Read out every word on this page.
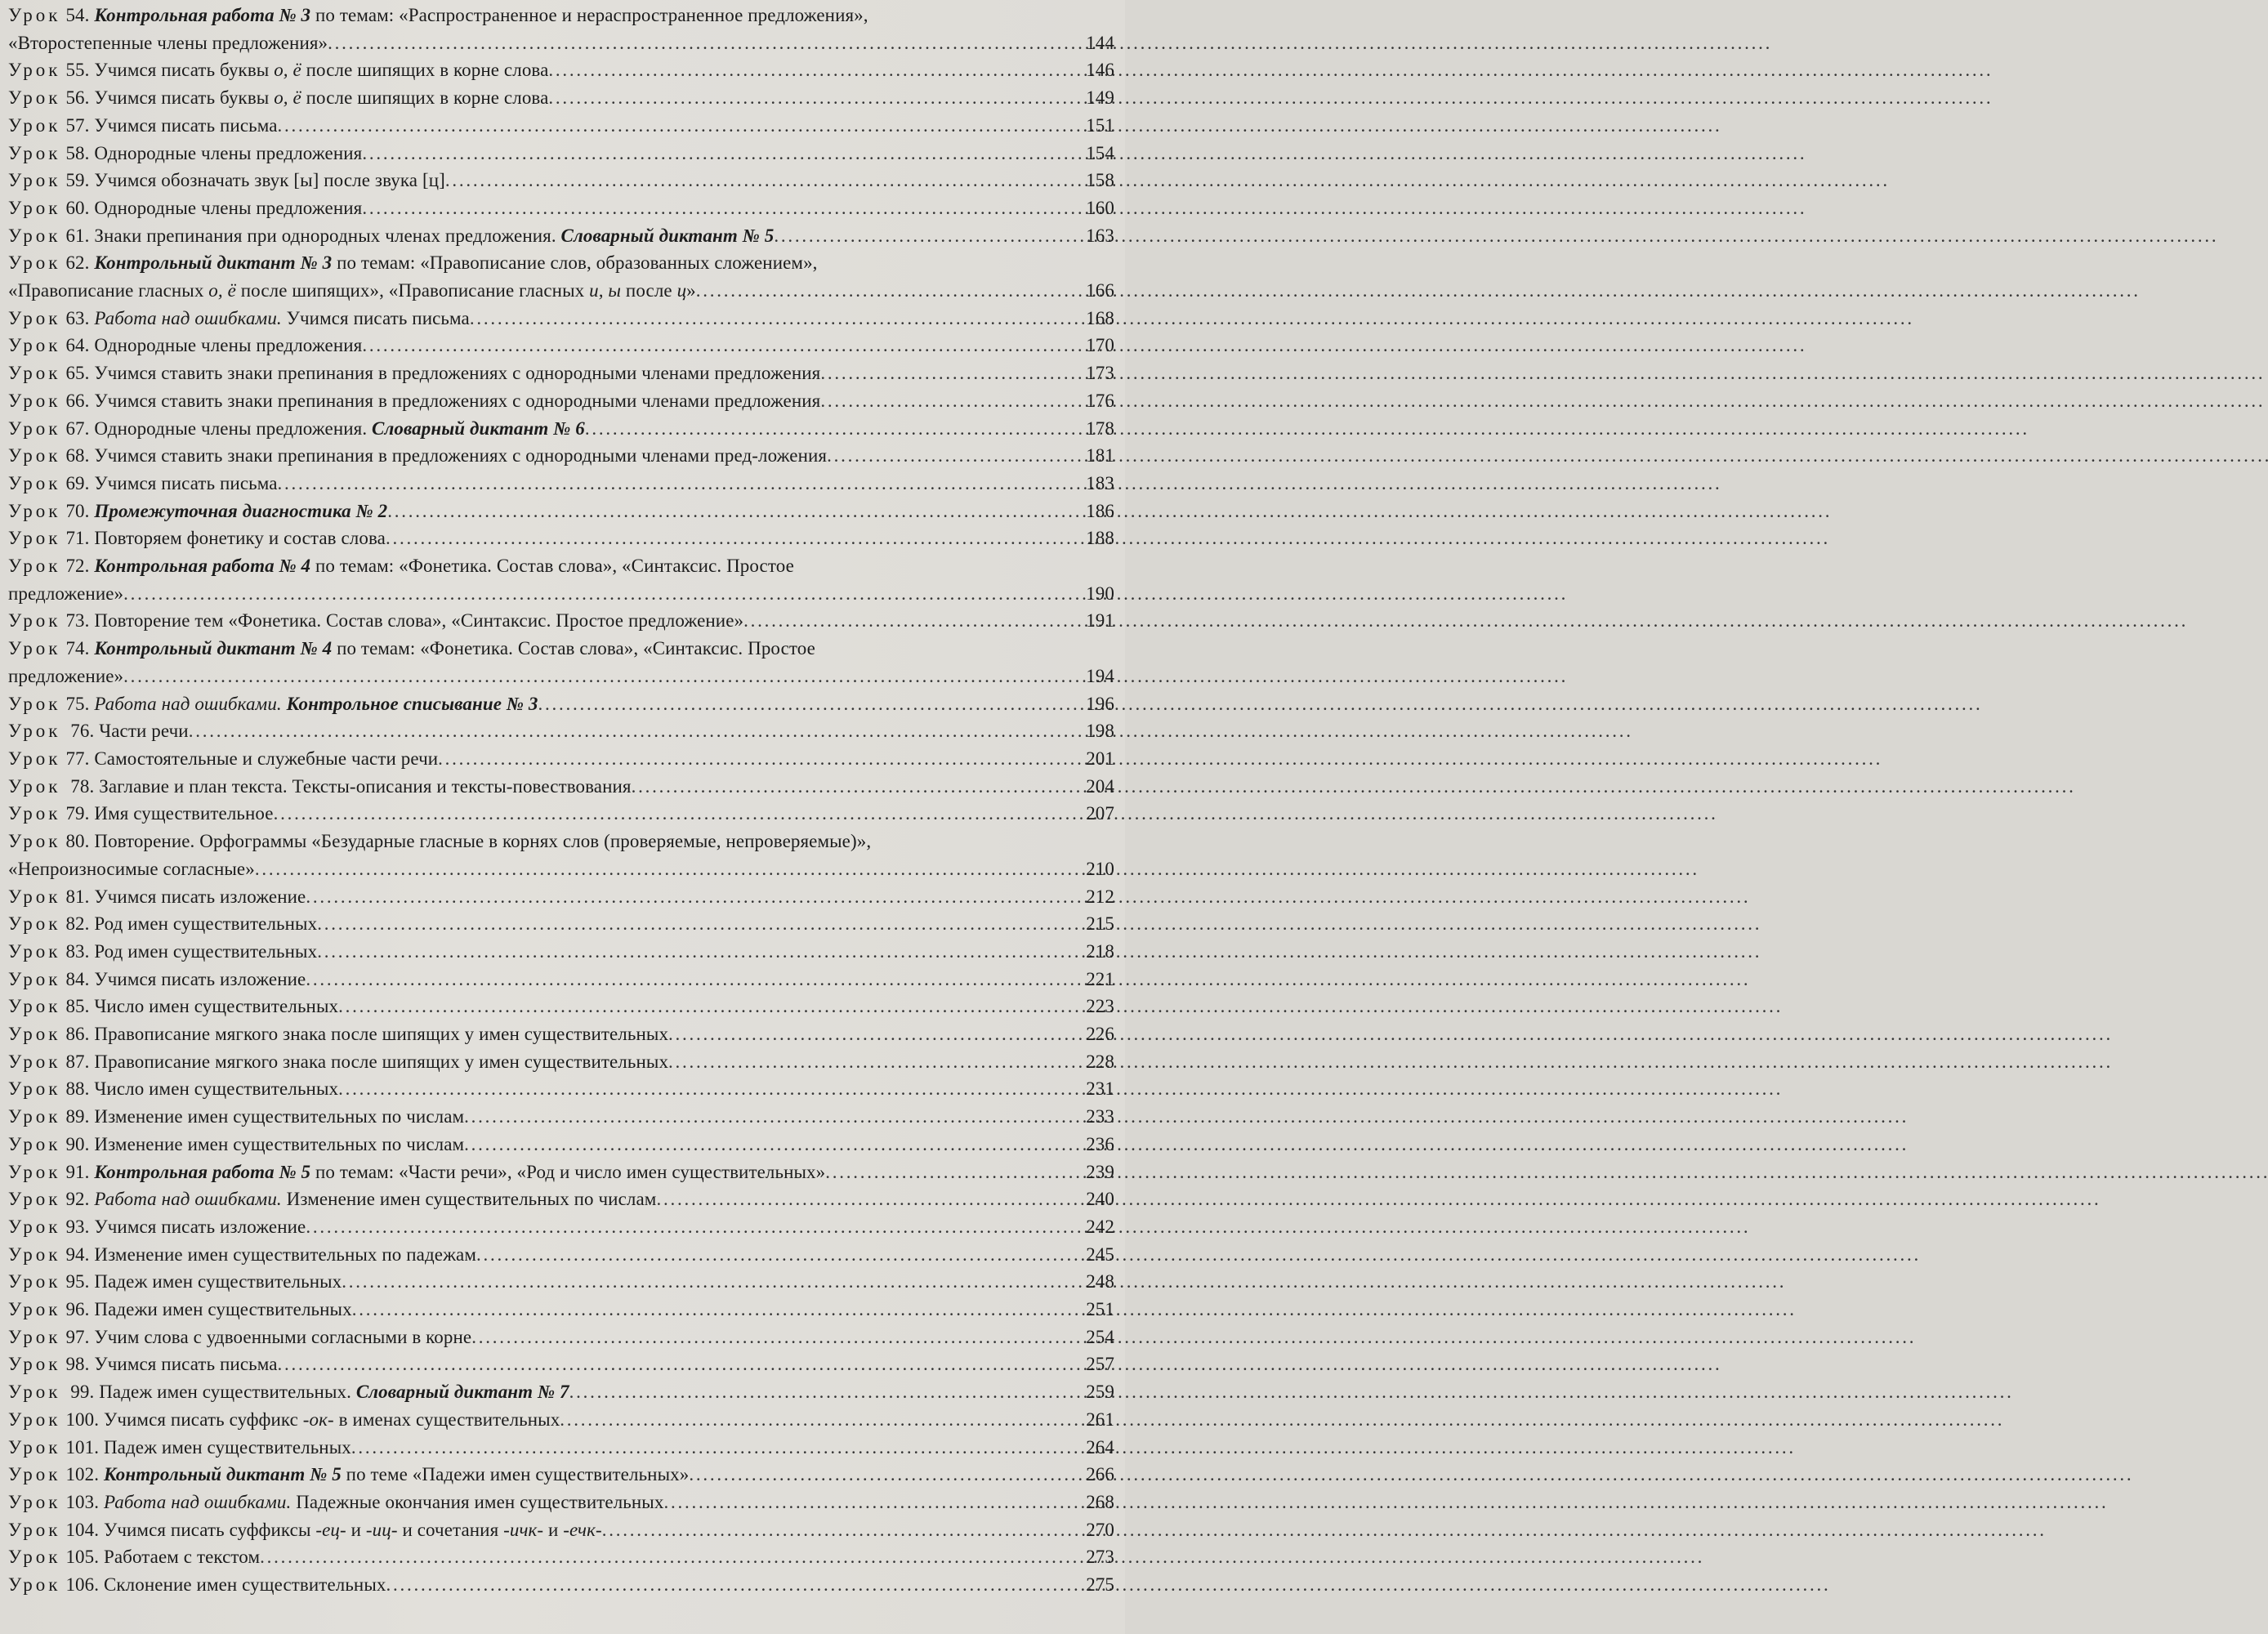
Урок 54. Контрольная работа № 3 по темам: «Распространенное и нераспространенное предложения»,
«Второстепенные члены предложения» . . .	144
Урок 55. Учимся писать буквы о, ё после шипящих в корне слова . . .	146
Урок 56. Учимся писать буквы о, ё после шипящих в корне слова . . .	149
Урок 57. Учимся писать письма . . .	151
Урок 58. Однородные члены предложения . . .	154
Урок 59. Учимся обозначать звук [ы] после звука [ц] . . .	158
Урок 60. Однородные члены предложения . . .	160
Урок 61. Знаки препинания при однородных членах предложения. Словарный диктант № 5 . . .	163
Урок 62. Контрольный диктант № 3 по темам: «Правописание слов, образованных сложением»,
«Правописание гласных о, ё после шипящих», «Правописание гласных и, ы после ц» . . .	166
Урок 63. Работа над ошибками. Учимся писать письма . . .	168
Урок 64. Однородные члены предложения . . .	170
Урок 65. Учимся ставить знаки препинания в предложениях с однородными членами предложения . . .	173
Урок 66. Учимся ставить знаки препинания в предложениях с однородными членами предложения . . .	176
Урок 67. Однородные члены предложения. Словарный диктант № 6 . . .	178
Урок 68. Учимся ставить знаки препинания в предложениях с однородными членами пред-ложения . . .	181
Урок 69. Учимся писать письма . . .	183
Урок 70. Промежуточная диагностика № 2 . . .	186
Урок 71. Повторяем фонетику и состав слова . . .	188
Урок 72. Контрольная работа № 4 по темам: «Фонетика. Состав слова», «Синтаксис. Простое
предложение» . . .	190
Урок 73. Повторение тем «Фонетика. Состав слова», «Синтаксис. Простое предложение» . . .	191
Урок 74. Контрольный диктант № 4 по темам: «Фонетика. Состав слова», «Синтаксис. Простое
предложение» . . .	194
Урок 75. Работа над ошибками. Контрольное списывание № 3 . . .	196
Урок 76. Части речи . . .	198
Урок 77. Самостоятельные и служебные части речи . . .	201
Урок 78. Заглавие и план текста. Тексты-описания и тексты-повествования . . .	204
Урок 79. Имя существительное . . .	207
Урок 80. Повторение. Орфограммы «Безударные гласные в корнях слов (проверяемые, непроверяемые)»,
«Непроизносимые согласные» . . .	210
Урок 81. Учимся писать изложение . . .	212
Урок 82. Род имен существительных . . .	215
Урок 83. Род имен существительных . . .	218
Урок 84. Учимся писать изложение . . .	221
Урок 85. Число имен существительных . . .	223
Урок 86. Правописание мягкого знака после шипящих у имен существительных . . .	226
Урок 87. Правописание мягкого знака после шипящих у имен существительных . . .	228
Урок 88. Число имен существительных . . .	231
Урок 89. Изменение имен существительных по числам . . .	233
Урок 90. Изменение имен существительных по числам . . .	236
Урок 91. Контрольная работа № 5 по темам: «Части речи», «Род и число имен существительных» . . .	239
Урок 92. Работа над ошибками. Изменение имен существительных по числам . . .	240
Урок 93. Учимся писать изложение . . .	242
Урок 94. Изменение имен существительных по падежам . . .	245
Урок 95. Падеж имен существительных . . .	248
Урок 96. Падежи имен существительных . . .	251
Урок 97. Учим слова с удвоенными согласными в корне . . .	254
Урок 98. Учимся писать письма . . .	257
Урок 99. Падеж имен существительных. Словарный диктант № 7 . . .	259
Урок 100. Учимся писать суффикс -ок- в именах существительных . . .	261
Урок 101. Падеж имен существительных . . .	264
Урок 102. Контрольный диктант № 5 по теме «Падежи имен существительных» . . .	266
Урок 103. Работа над ошибками. Падежные окончания имен существительных . . .	268
Урок 104. Учимся писать суффиксы -ец- и -иц- и сочетания -ичк- и -ечк- . . .	270
Урок 105. Работаем с текстом . . .	273
Урок 106. Склонение имен существительных . . .	275
